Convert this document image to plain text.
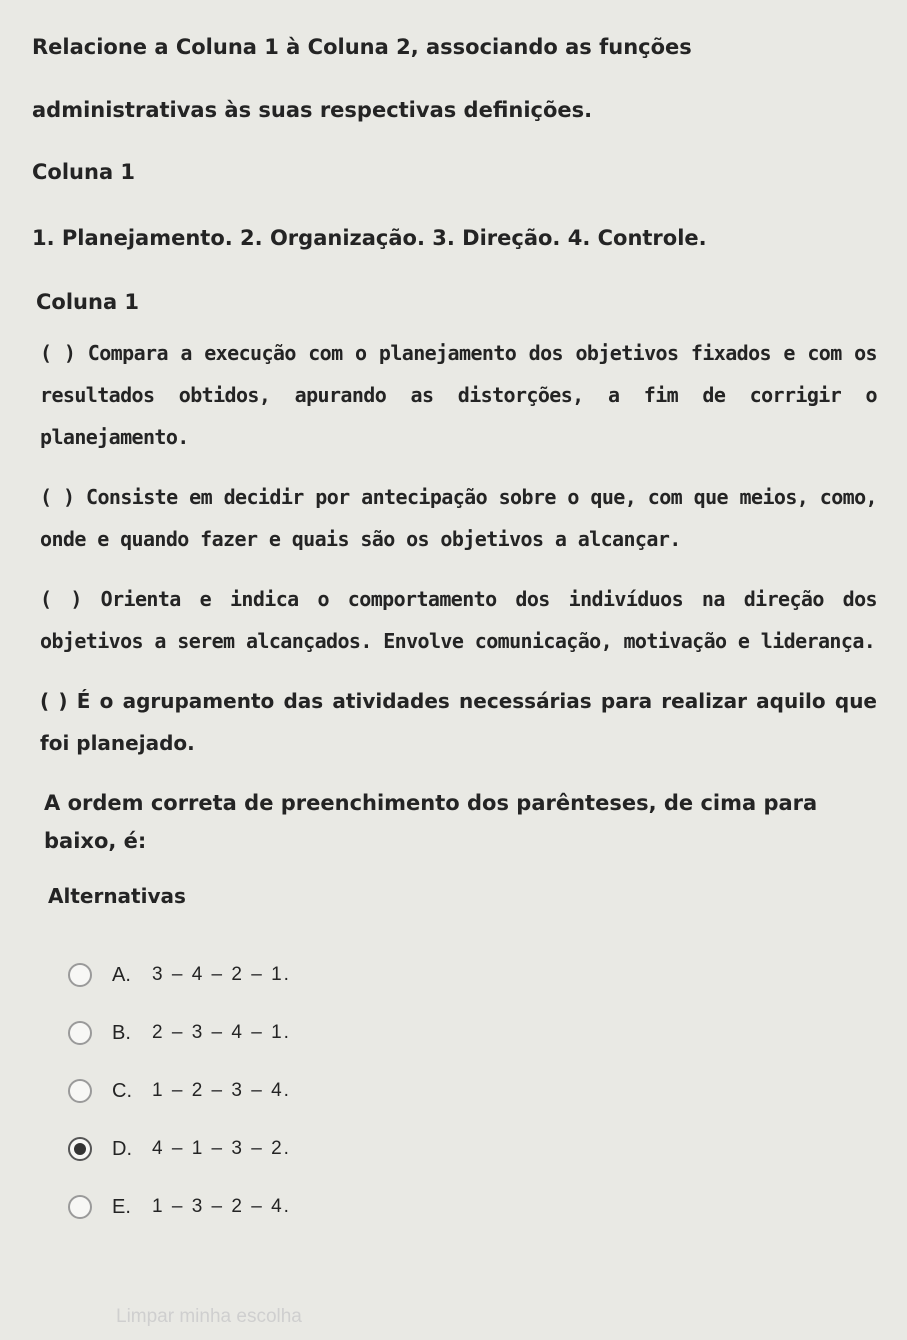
Relacione a Coluna 1 à Coluna 2, associando as funções administrativas às suas respectivas definições.

Coluna 1

1. Planejamento. 2. Organização. 3. Direção. 4. Controle.

Coluna 1

( ) Compara a execução com o planejamento dos objetivos fixados e com os resultados obtidos, apurando as distorções, a fim de corrigir o planejamento.

( ) Consiste em decidir por antecipação sobre o que, com que meios, como, onde e quando fazer e quais são os objetivos a alcançar.

( ) Orienta e indica o comportamento dos indivíduos na direção dos objetivos a serem alcançados. Envolve comunicação, motivação e liderança.

( ) É o agrupamento das atividades necessárias para realizar aquilo que foi planejado.

A ordem correta de preenchimento dos parênteses, de cima para baixo, é:

Alternativas

A.	3 – 4 – 2 – 1.
B.	2 – 3 – 4 – 1.
C.	1 – 2 – 3 – 4.
D.	4 – 1 – 3 – 2.
E.	1 – 3 – 2 – 4.
Limpar minha escolha
